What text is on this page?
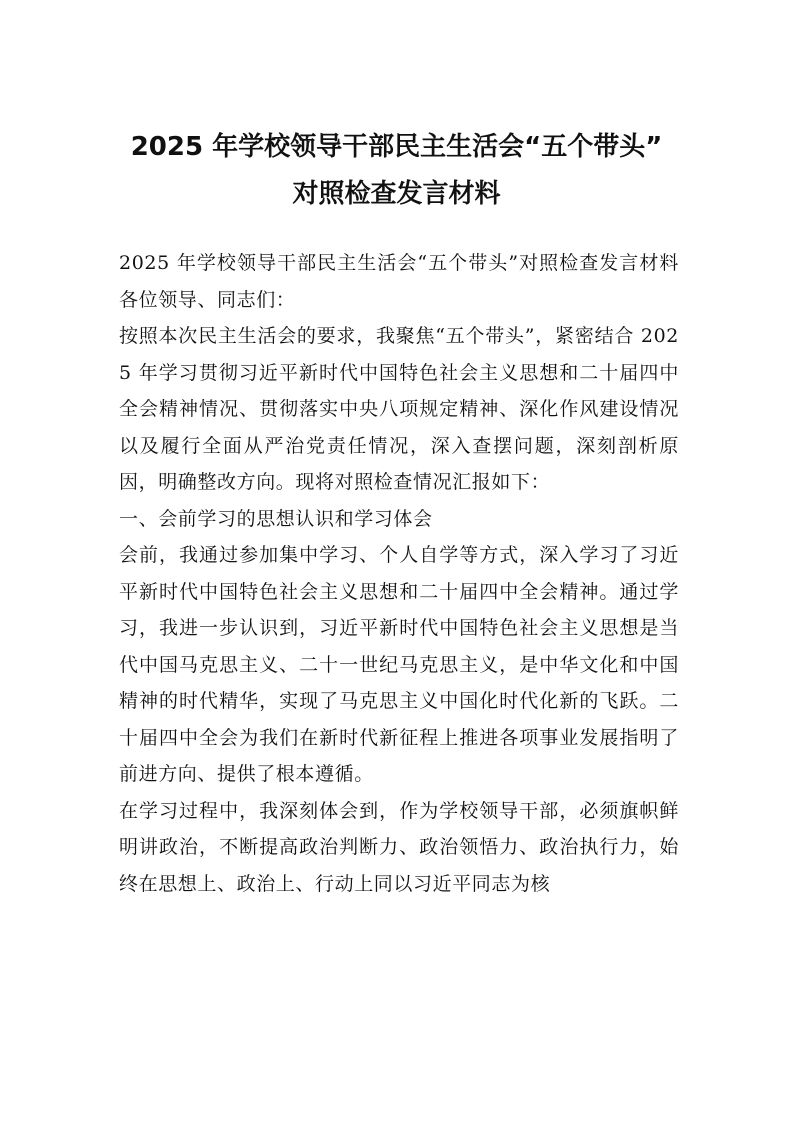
2025 年学校领导干部民主生活会“五个带头”
对照检查发言材料

2025 年学校领导干部民主生活会“五个带头”对照检查发言材料各位领导、同志们：

按照本次民主生活会的要求，我聚焦“五个带头”，紧密结合 2025 年学习贯彻习近平新时代中国特色社会主义思想和二十届四中全会精神情况、贯彻落实中央八项规定精神、深化作风建设情况以及履行全面从严治党责任情况，深入查摆问题，深刻剖析原因，明确整改方向。现将对照检查情况汇报如下：

一、会前学习的思想认识和学习体会

会前，我通过参加集中学习、个人自学等方式，深入学习了习近平新时代中国特色社会主义思想和二十届四中全会精神。通过学习，我进一步认识到，习近平新时代中国特色社会主义思想是当代中国马克思主义、二十一世纪马克思主义，是中华文化和中国精神的时代精华，实现了马克思主义中国化时代化新的飞跃。二十届四中全会为我们在新时代新征程上推进各项事业发展指明了前进方向、提供了根本遵循。

在学习过程中，我深刻体会到，作为学校领导干部，必须旗帜鲜明讲政治，不断提高政治判断力、政治领悟力、政治执行力，始终在思想上、政治上、行动上同以习近平同志为核
